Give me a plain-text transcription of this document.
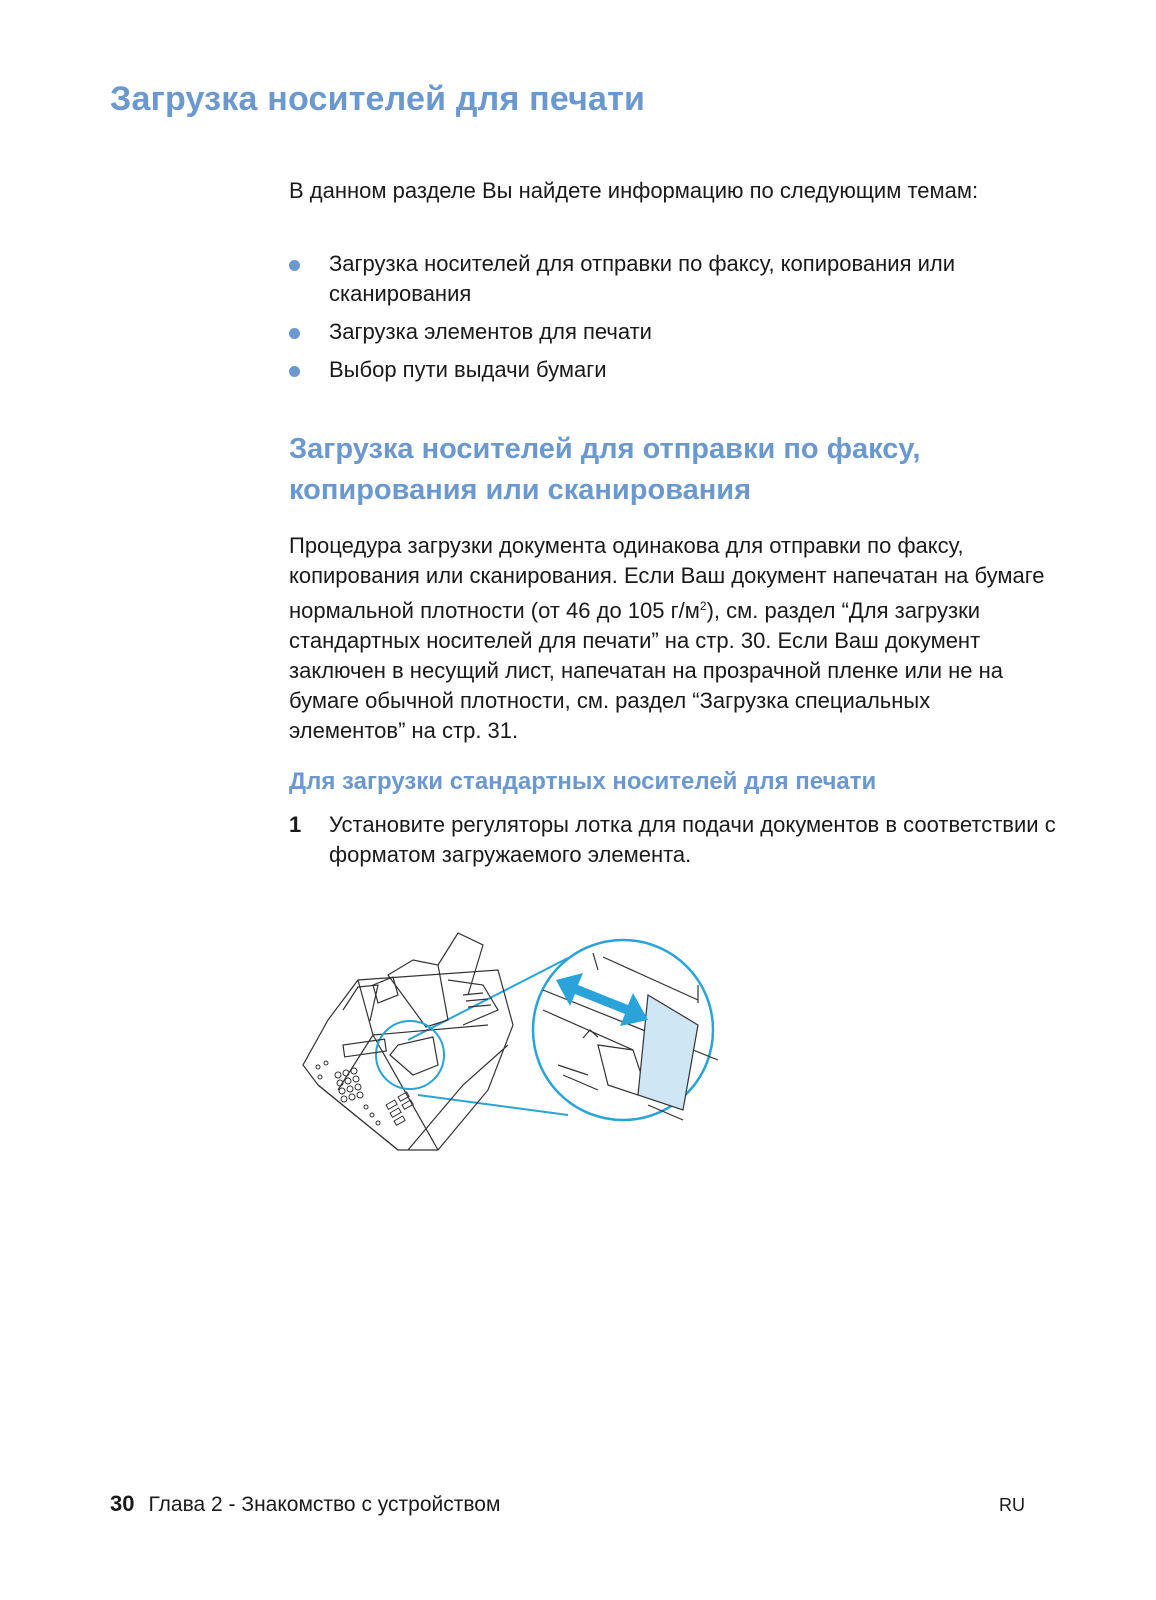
Загрузка носителей для печати

В данном разделе Вы найдете информацию по следующим темам:

Загрузка носителей для отправки по факсу, копирования или сканирования
Загрузка элементов для печати
Выбор пути выдачи бумаги
Загрузка носителей для отправки по факсу,
копирования или сканирования

Процедура загрузки документа одинакова для отправки по факсу, копирования или сканирования. Если Ваш документ напечатан на бумаге нормальной плотности (от 46 до 105 $г/м^2$), см. раздел “Для загрузки стандартных носителей для печати” на стр. 30. Если Ваш документ заключен в несущий лист, напечатан на прозрачной пленке или не на бумаге обычной плотности, см. раздел “Загрузка специальных элементов” на стр. 31.

Для загрузки стандартных носителей для печати

1 Установите регуляторы лотка для подачи документов в соответствии с форматом загружаемого элемента.

30 Глава 2 - Знакомство с устройством	RU
